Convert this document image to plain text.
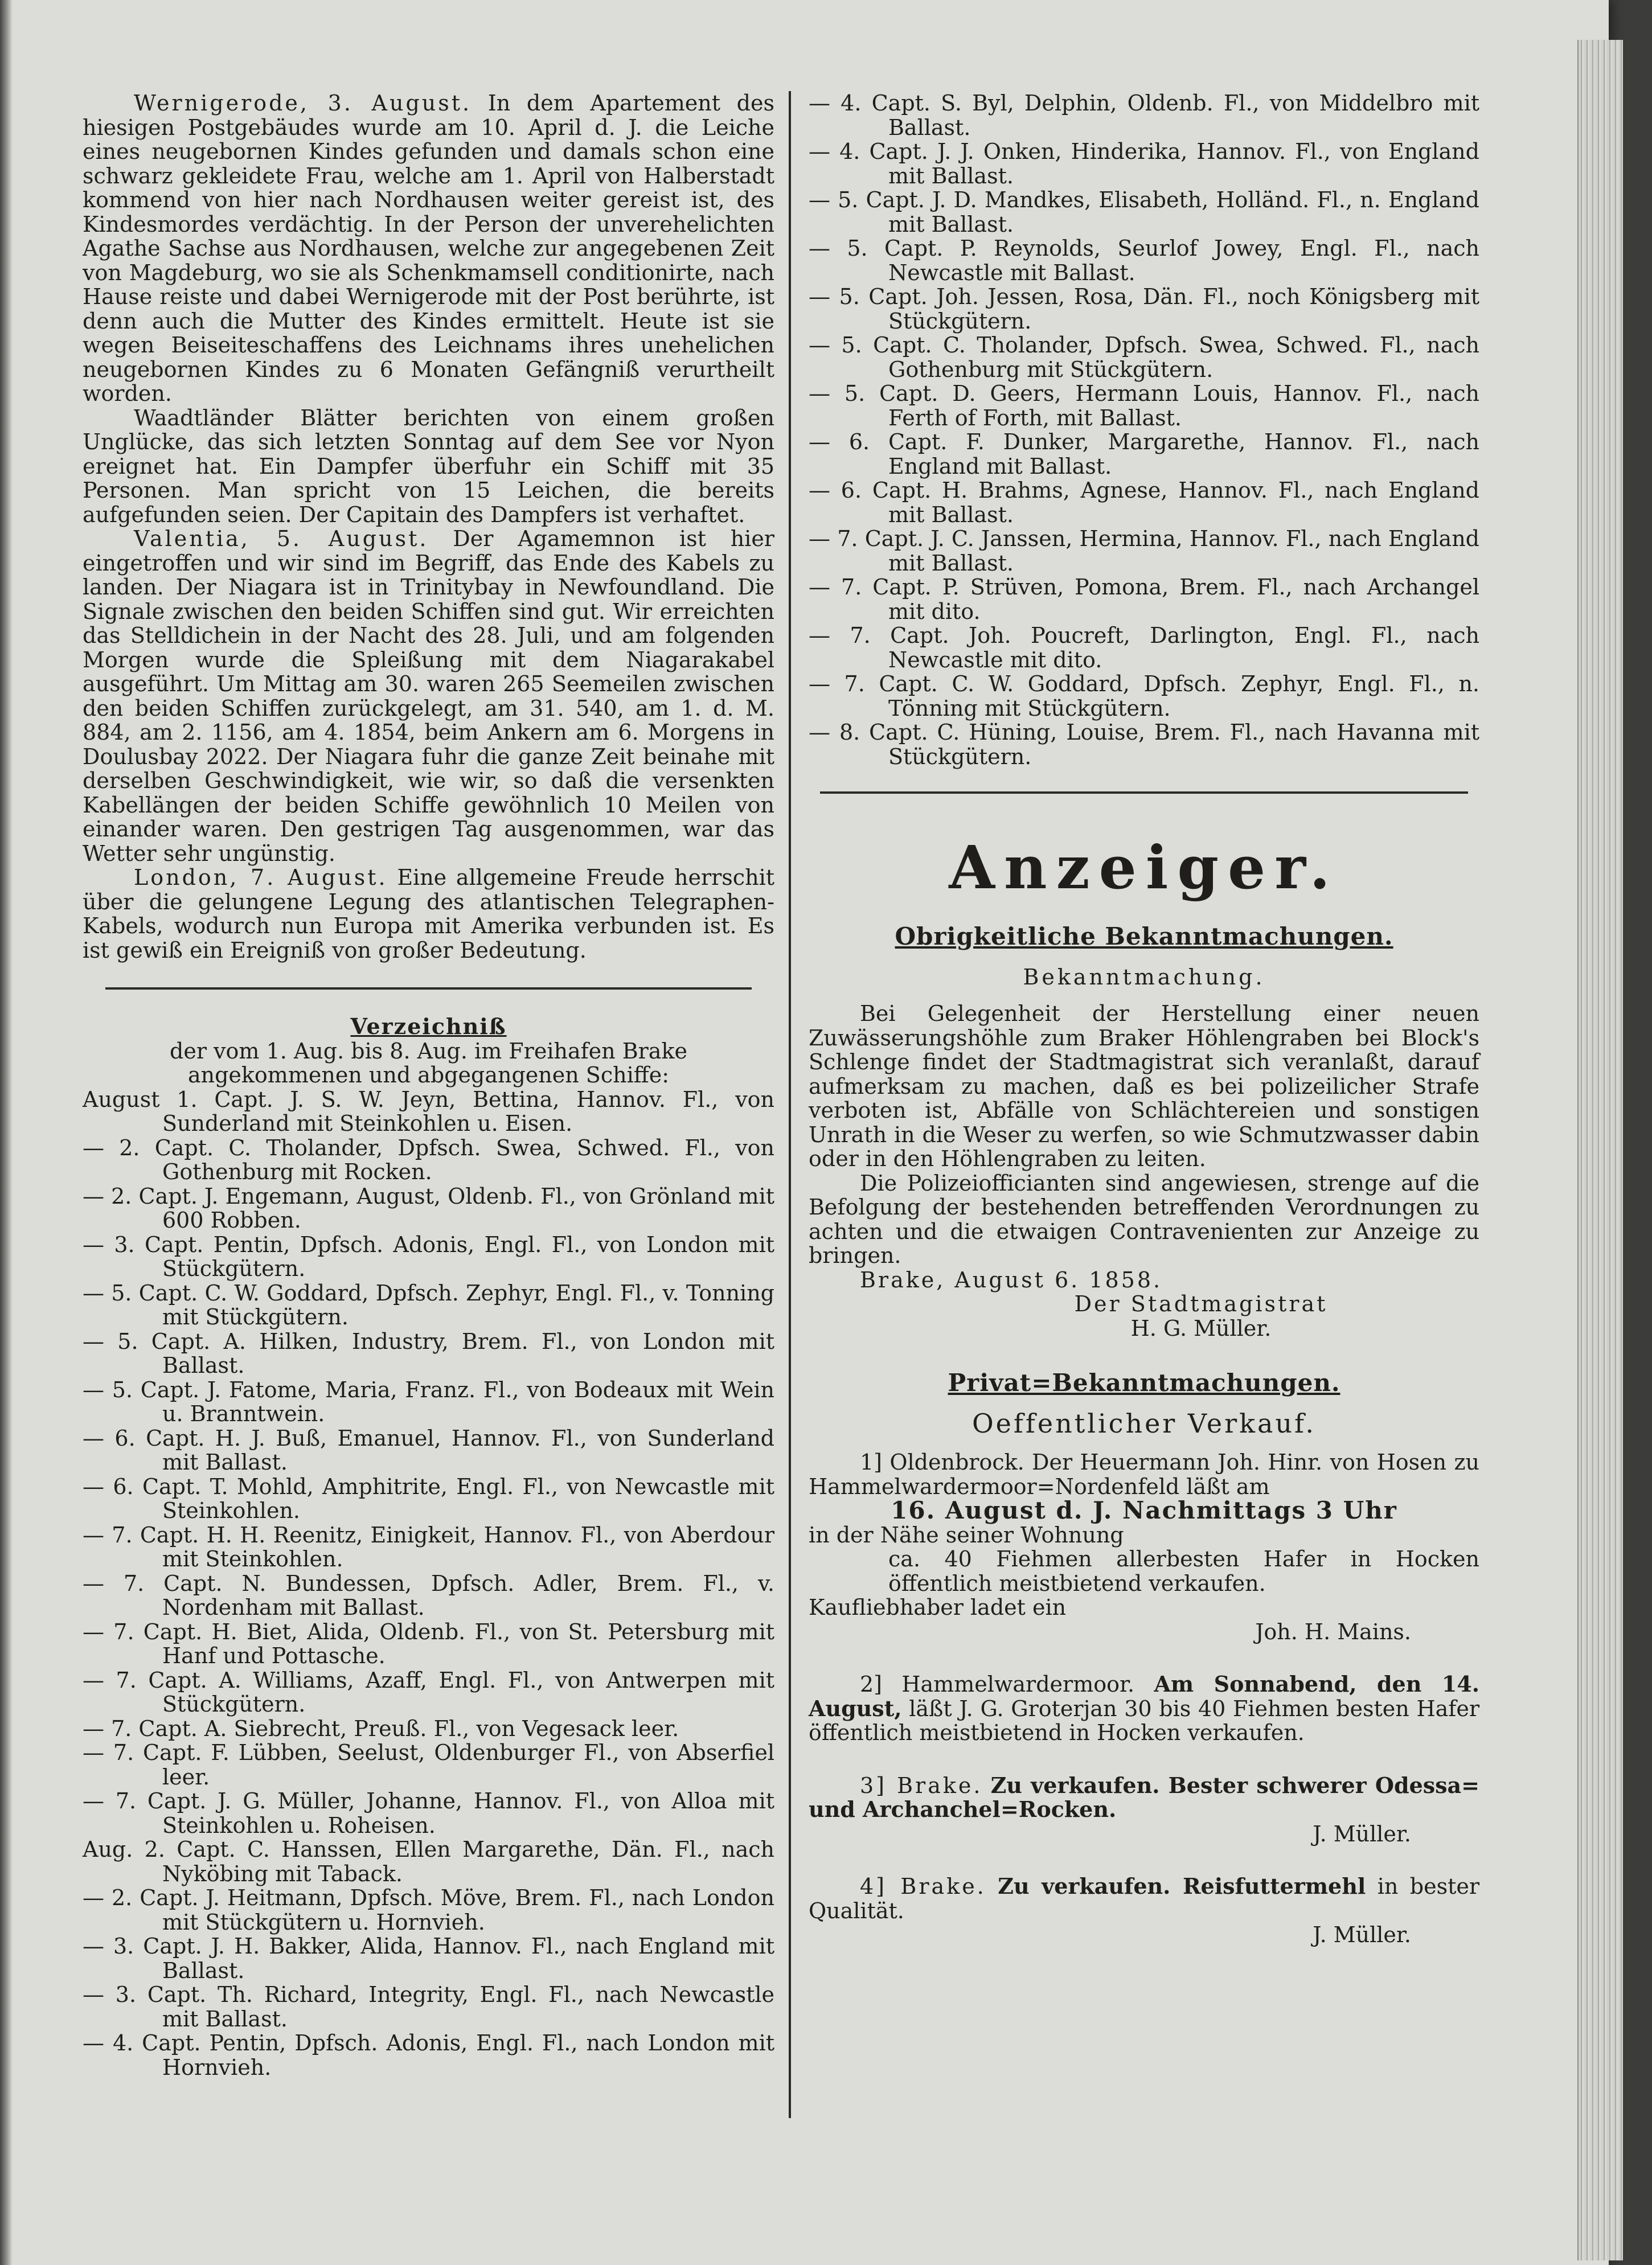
Wernigerode, 3. August. In dem Apartement des hiesigen Postgebäudes wurde am 10. April d. J. die Leiche eines neugebornen Kindes gefunden und damals schon eine schwarz gekleidete Frau, welche am 1. April von Halberstadt kommend von hier nach Nordhausen weiter gereist ist, des Kindesmordes verdächtig. In der Person der unverehelichten Agathe Sachse aus Nordhausen, welche zur angegebenen Zeit von Magdeburg, wo sie als Schenkmamsell conditionirte, nach Hause reiste und dabei Wernigerode mit der Post berührte, ist denn auch die Mutter des Kindes ermittelt. Heute ist sie wegen Beiseiteschaffens des Leichnams ihres unehelichen neugebornen Kindes zu 6 Monaten Gefängniß verurtheilt worden.

Waadtländer Blätter berichten von einem großen Unglücke, das sich letzten Sonntag auf dem See vor Nyon ereignet hat. Ein Dampfer überfuhr ein Schiff mit 35 Personen. Man spricht von 15 Leichen, die bereits aufgefunden seien. Der Capitain des Dampfers ist verhaftet.

Valentia, 5. August. Der Agamemnon ist hier eingetroffen und wir sind im Begriff, das Ende des Kabels zu landen. Der Niagara ist in Trinitybay in Newfoundland. Die Signale zwischen den beiden Schiffen sind gut. Wir erreichten das Stelldichein in der Nacht des 28. Juli, und am folgenden Morgen wurde die Spleißung mit dem Niagarakabel ausgeführt. Um Mittag am 30. waren 265 Seemeilen zwischen den beiden Schiffen zurückgelegt, am 31. 540, am 1. d. M. 884, am 2. 1156, am 4. 1854, beim Ankern am 6. Morgens in Doulusbay 2022. Der Niagara fuhr die ganze Zeit beinahe mit derselben Geschwindigkeit, wie wir, so daß die versenkten Kabellängen der beiden Schiffe gewöhnlich 10 Meilen von einander waren. Den gestrigen Tag ausgenommen, war das Wetter sehr ungünstig.

London, 7. August. Eine allgemeine Freude herrschit über die gelungene Legung des atlantischen Telegraphen-Kabels, wodurch nun Europa mit Amerika verbunden ist. Es ist gewiß ein Ereigniß von großer Bedeutung.

Verzeichniß

der vom 1. Aug. bis 8. Aug. im Freihafen Brake angekommenen und abgegangenen Schiffe:

August 1. Capt. J. S. W. Jeyn, Bettina, Hannov. Fl., von Sunderland mit Steinkohlen u. Eisen.

— 2. Capt. C. Tholander, Dpfsch. Swea, Schwed. Fl., von Gothenburg mit Rocken.

— 2. Capt. J. Engemann, August, Oldenb. Fl., von Grönland mit 600 Robben.

— 3. Capt. Pentin, Dpfsch. Adonis, Engl. Fl., von London mit Stückgütern.

— 5. Capt. C. W. Goddard, Dpfsch. Zephyr, Engl. Fl., v. Tonning mit Stückgütern.

— 5. Capt. A. Hilken, Industry, Brem. Fl., von London mit Ballast.

— 5. Capt. J. Fatome, Maria, Franz. Fl., von Bodeaux mit Wein u. Branntwein.

— 6. Capt. H. J. Buß, Emanuel, Hannov. Fl., von Sunderland mit Ballast.

— 6. Capt. T. Mohld, Amphitrite, Engl. Fl., von Newcastle mit Steinkohlen.

— 7. Capt. H. H. Reenitz, Einigkeit, Hannov. Fl., von Aberdour mit Steinkohlen.

— 7. Capt. N. Bundessen, Dpfsch. Adler, Brem. Fl., v. Nordenham mit Ballast.

— 7. Capt. H. Biet, Alida, Oldenb. Fl., von St. Petersburg mit Hanf und Pottasche.

— 7. Capt. A. Williams, Azaff, Engl. Fl., von Antwerpen mit Stückgütern.

— 7. Capt. A. Siebrecht, Preuß. Fl., von Vegesack leer.

— 7. Capt. F. Lübben, Seelust, Oldenburger Fl., von Abserfiel leer.

— 7. Capt. J. G. Müller, Johanne, Hannov. Fl., von Alloa mit Steinkohlen u. Roheisen.

Aug. 2. Capt. C. Hanssen, Ellen Margarethe, Dän. Fl., nach Nyköbing mit Taback.

— 2. Capt. J. Heitmann, Dpfsch. Möve, Brem. Fl., nach London mit Stückgütern u. Hornvieh.

— 3. Capt. J. H. Bakker, Alida, Hannov. Fl., nach England mit Ballast.

— 3. Capt. Th. Richard, Integrity, Engl. Fl., nach Newcastle mit Ballast.

— 4. Capt. Pentin, Dpfsch. Adonis, Engl. Fl., nach London mit Hornvieh.

— 4. Capt. S. Byl, Delphin, Oldenb. Fl., von Middelbro mit Ballast.

— 4. Capt. J. J. Onken, Hinderika, Hannov. Fl., von England mit Ballast.

— 5. Capt. J. D. Mandkes, Elisabeth, Holländ. Fl., n. England mit Ballast.

— 5. Capt. P. Reynolds, Seurlof Jowey, Engl. Fl., nach Newcastle mit Ballast.

— 5. Capt. Joh. Jessen, Rosa, Dän. Fl., noch Königsberg mit Stückgütern.

— 5. Capt. C. Tholander, Dpfsch. Swea, Schwed. Fl., nach Gothenburg mit Stückgütern.

— 5. Capt. D. Geers, Hermann Louis, Hannov. Fl., nach Ferth of Forth, mit Ballast.

— 6. Capt. F. Dunker, Margarethe, Hannov. Fl., nach England mit Ballast.

— 6. Capt. H. Brahms, Agnese, Hannov. Fl., nach England mit Ballast.

— 7. Capt. J. C. Janssen, Hermina, Hannov. Fl., nach England mit Ballast.

— 7. Capt. P. Strüven, Pomona, Brem. Fl., nach Archangel mit dito.

— 7. Capt. Joh. Poucreft, Darlington, Engl. Fl., nach Newcastle mit dito.

— 7. Capt. C. W. Goddard, Dpfsch. Zephyr, Engl. Fl., n. Tönning mit Stückgütern.

— 8. Capt. C. Hüning, Louise, Brem. Fl., nach Havanna mit Stückgütern.

Anzeiger.
Obrigkeitliche Bekanntmachungen.
Bekanntmachung.

Bei Gelegenheit der Herstellung einer neuen Zuwässerungshöhle zum Braker Höhlengraben bei Block's Schlenge findet der Stadtmagistrat sich veranlaßt, darauf aufmerksam zu machen, daß es bei polizeilicher Strafe verboten ist, Abfälle von Schlächtereien und sonstigen Unrath in die Weser zu werfen, so wie Schmutzwasser dabin oder in den Höhlengraben zu leiten.

Die Polizeiofficianten sind angewiesen, strenge auf die Befolgung der bestehenden betreffenden Verordnungen zu achten und die etwaigen Contravenienten zur Anzeige zu bringen.

Brake, August 6. 1858.

Der Stadtmagistrat

H. G. Müller.

Privat=Bekanntmachungen.
Oeffentlicher Verkauf.

1] Oldenbrock. Der Heuermann Joh. Hinr. von Hosen zu Hammelwardermoor=Nordenfeld läßt am

16. August d. J. Nachmittags 3 Uhr

in der Nähe seiner Wohnung

ca. 40 Fiehmen allerbesten Hafer in Hocken öffentlich meistbietend verkaufen.

Kaufliebhaber ladet ein

Joh. H. Mains.

2] Hammelwardermoor. Am Sonnabend, den 14. August, läßt J. G. Groterjan 30 bis 40 Fiehmen besten Hafer öffentlich meistbietend in Hocken verkaufen.

3] Brake. Zu verkaufen. Bester schwerer Odessa= und Archanchel=Rocken.

J. Müller.

4] Brake. Zu verkaufen. Reisfuttermehl in bester Qualität.

J. Müller.
